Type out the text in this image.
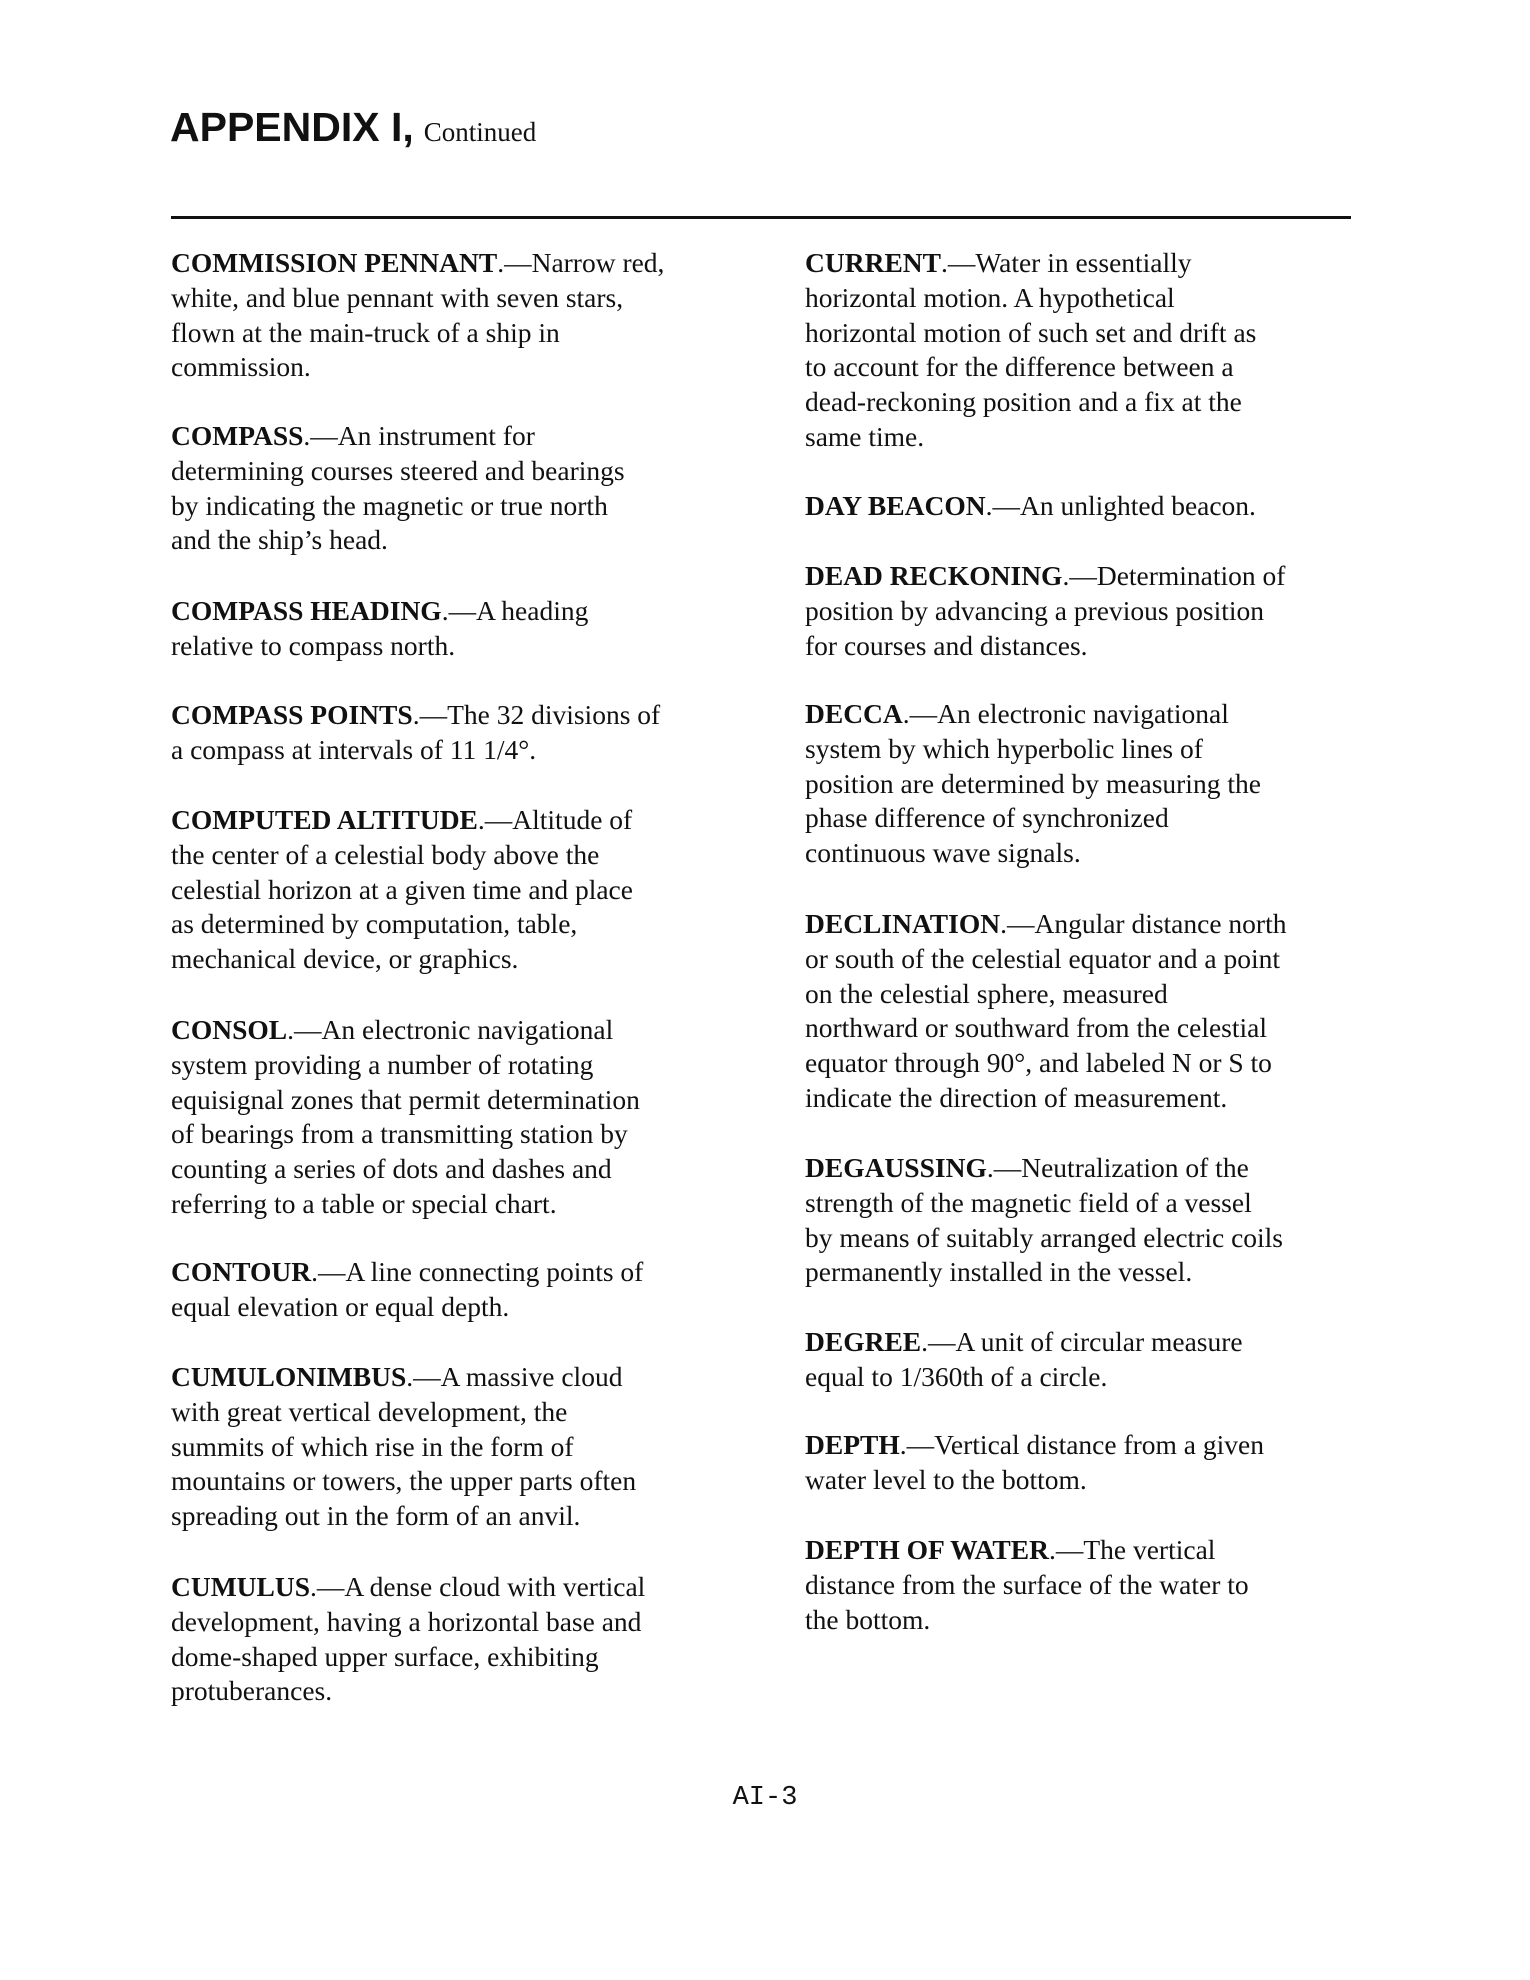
APPENDIX I, Continued
COMMISSION PENNANT.—Narrow red,
white, and blue pennant with seven stars,
flown at the main-truck of a ship in
commission.
COMPASS.—An instrument for
determining courses steered and bearings
by indicating the magnetic or true north
and the ship’s head.
COMPASS HEADING.—A heading
relative to compass north.
COMPASS POINTS.—The 32 divisions of
a compass at intervals of 11 1/4°.
COMPUTED ALTITUDE.—Altitude of
the center of a celestial body above the
celestial horizon at a given time and place
as determined by computation, table,
mechanical device, or graphics.
CONSOL.—An electronic navigational
system providing a number of rotating
equisignal zones that permit determination
of bearings from a transmitting station by
counting a series of dots and dashes and
referring to a table or special chart.
CONTOUR.—A line connecting points of
equal elevation or equal depth.
CUMULONIMBUS.—A massive cloud
with great vertical development, the
summits of which rise in the form of
mountains or towers, the upper parts often
spreading out in the form of an anvil.
CUMULUS.—A dense cloud with vertical
development, having a horizontal base and
dome-shaped upper surface, exhibiting
protuberances.
CURRENT.—Water in essentially
horizontal motion. A hypothetical
horizontal motion of such set and drift as
to account for the difference between a
dead-reckoning position and a fix at the
same time.
DAY BEACON.—An unlighted beacon.
DEAD RECKONING.—Determination of
position by advancing a previous position
for courses and distances.
DECCA.—An electronic navigational
system by which hyperbolic lines of
position are determined by measuring the
phase difference of synchronized
continuous wave signals.
DECLINATION.—Angular distance north
or south of the celestial equator and a point
on the celestial sphere, measured
northward or southward from the celestial
equator through 90°, and labeled N or S to
indicate the direction of measurement.
DEGAUSSING.—Neutralization of the
strength of the magnetic field of a vessel
by means of suitably arranged electric coils
permanently installed in the vessel.
DEGREE.—A unit of circular measure
equal to 1/360th of a circle.
DEPTH.—Vertical distance from a given
water level to the bottom.
DEPTH OF WATER.—The vertical
distance from the surface of the water to
the bottom.
AI-3
